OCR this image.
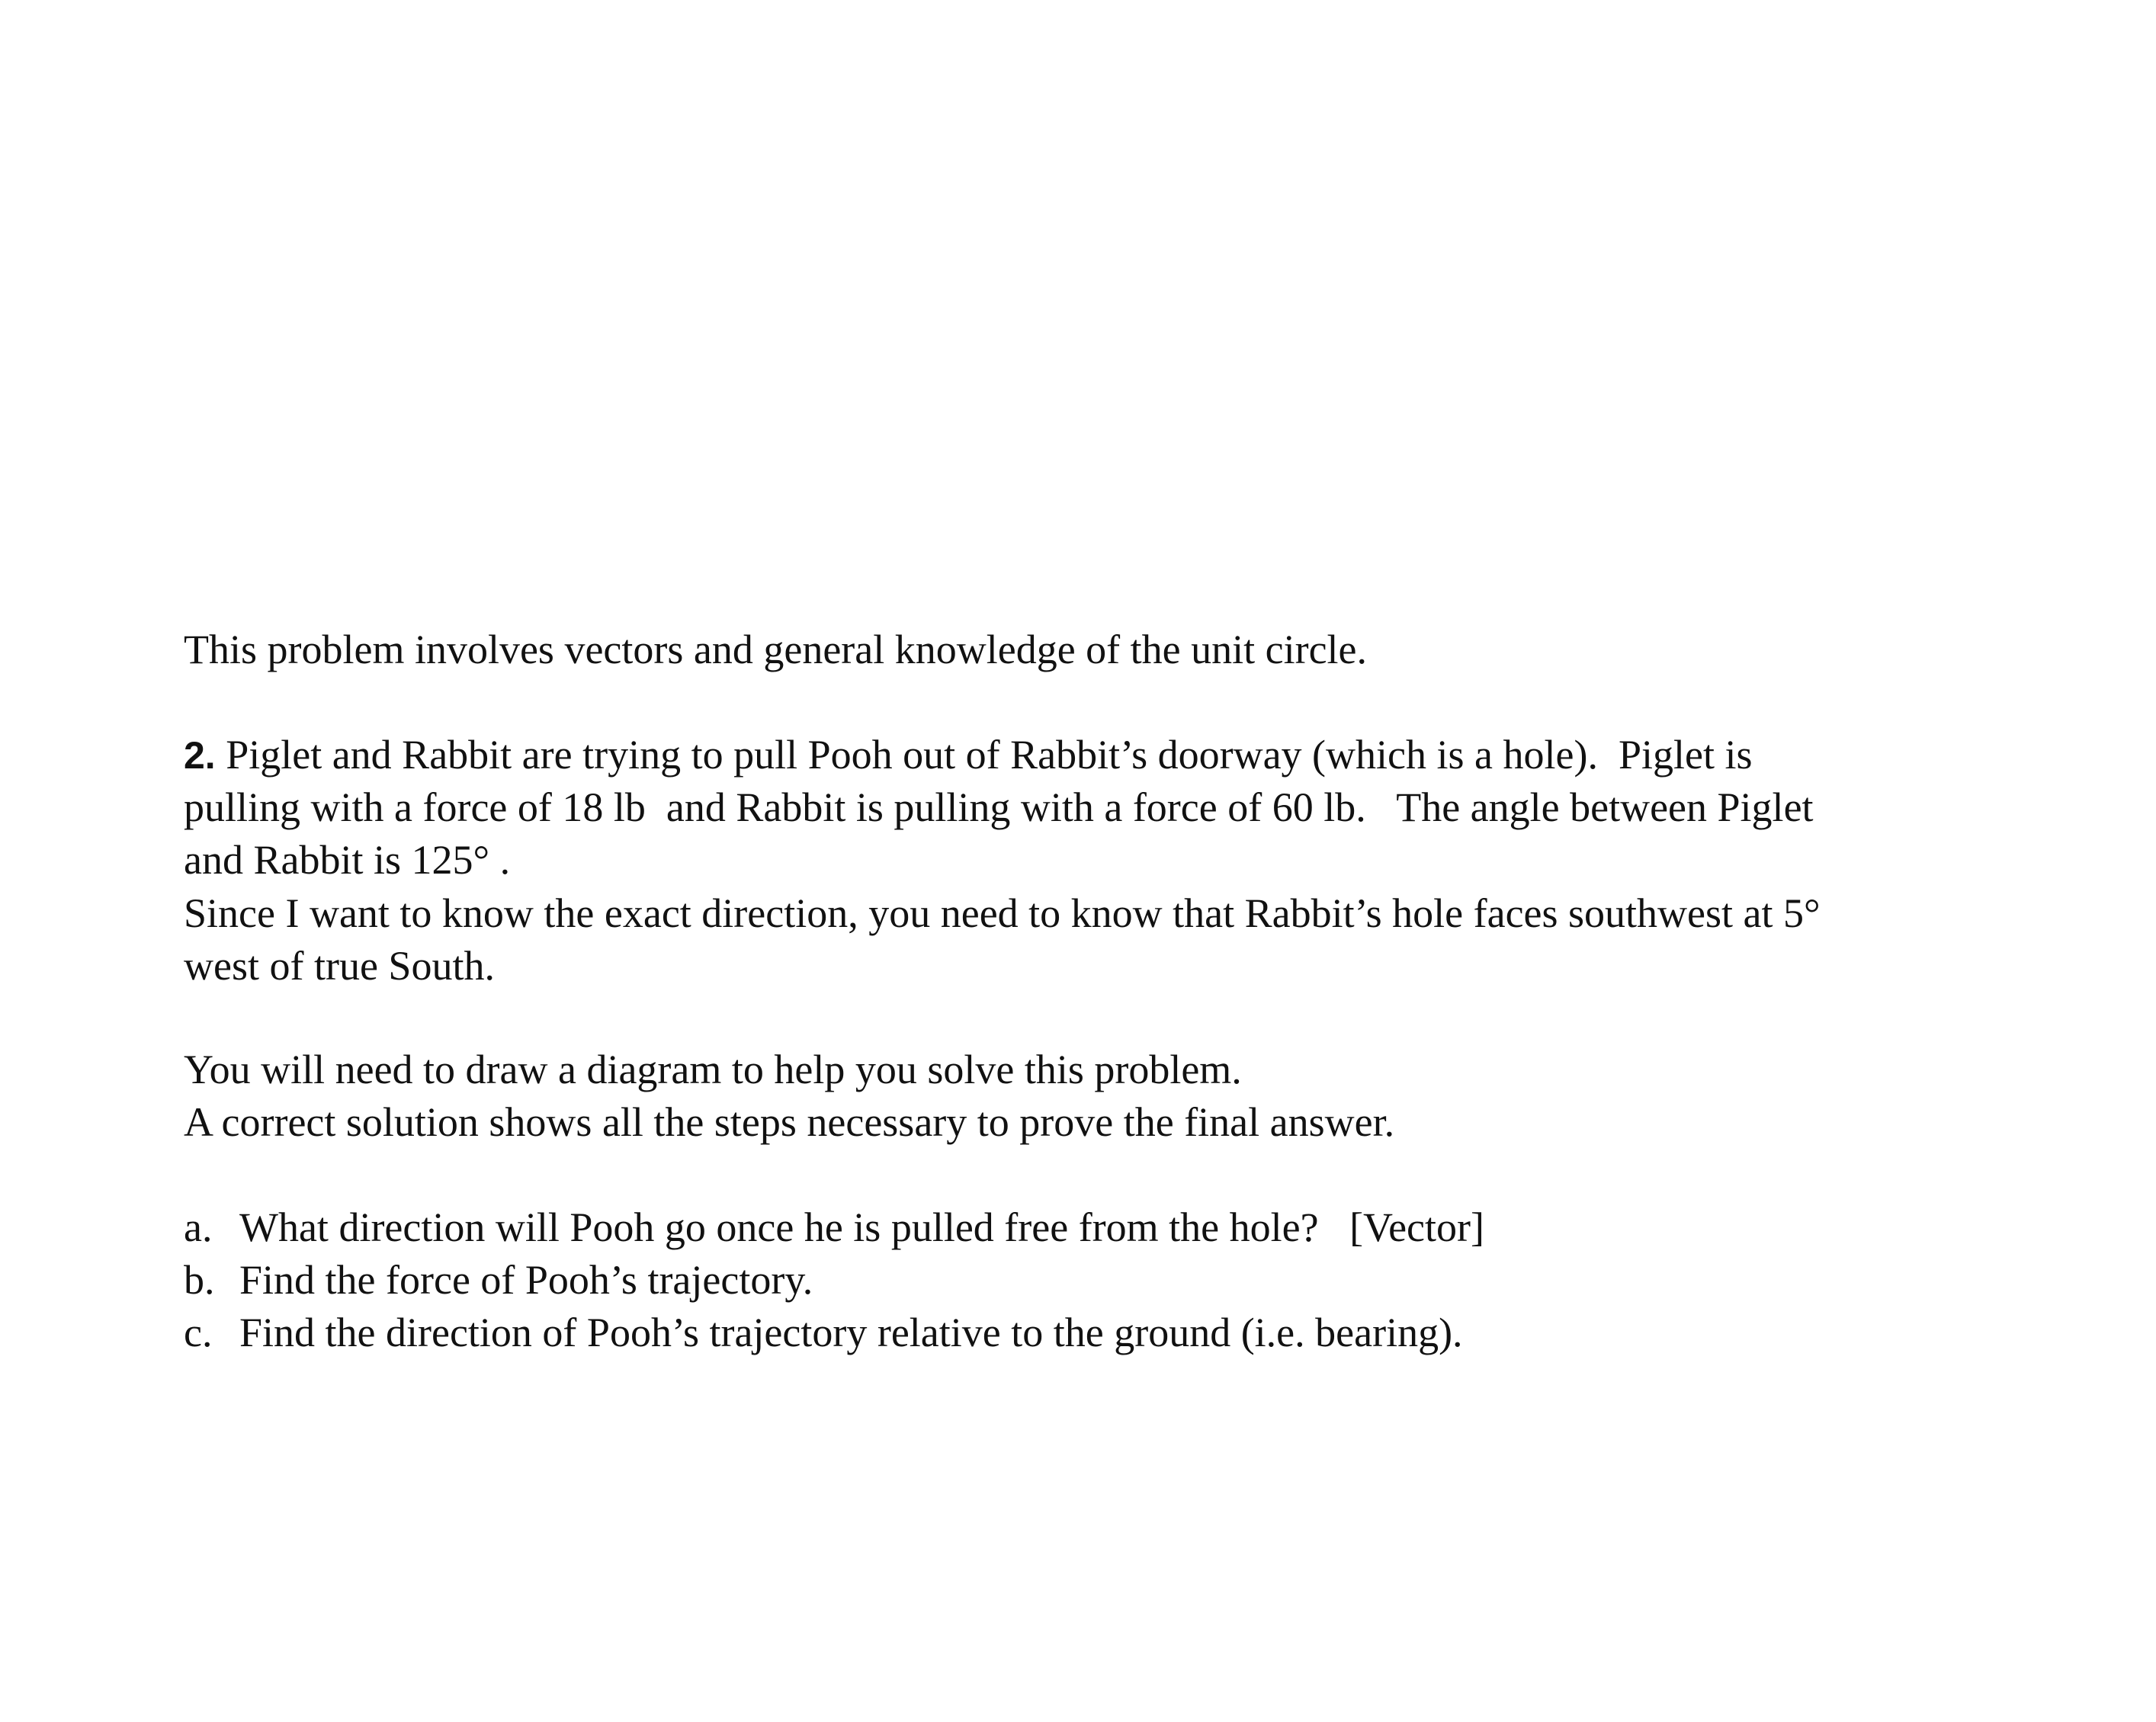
This problem involves vectors and general knowledge of the unit circle.
2. Piglet and Rabbit are trying to pull Pooh out of Rabbit’s doorway (which is a hole).  Piglet is
pulling with a force of 18 lb  and Rabbit is pulling with a force of 60 lb.   The angle between Piglet
and Rabbit is 125° .
Since I want to know the exact direction, you need to know that Rabbit’s hole faces southwest at 5°
west of true South.
You will need to draw a diagram to help you solve this problem.
A correct solution shows all the steps necessary to prove the final answer.
a. What direction will Pooh go once he is pulled free from the hole?   [Vector]
b. Find the force of Pooh’s trajectory.
c. Find the direction of Pooh’s trajectory relative to the ground (i.e. bearing).
